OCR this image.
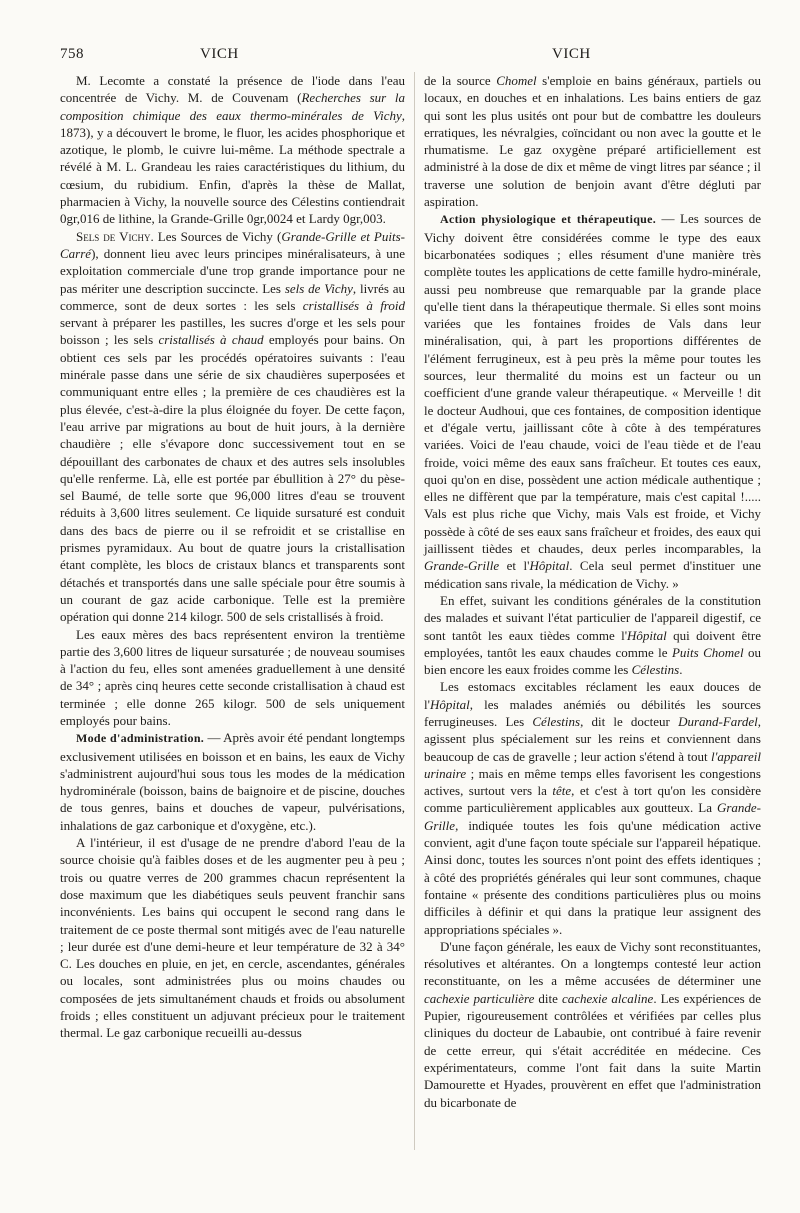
758	VICH	VICH

M. Lecomte a constaté la présence de l'iode dans l'eau concentrée de Vichy. M. de Couvenam (Recherches sur la composition chimique des eaux thermo-minérales de Vichy, 1873), y a découvert le brome, le fluor, les acides phosphorique et azotique, le plomb, le cuivre lui-même. La méthode spectrale a révélé à M. L. Grandeau les raies caractéristiques du lithium, du cœsium, du rubidium. Enfin, d'après la thèse de Mallat, pharmacien à Vichy, la nouvelle source des Célestins contiendrait 0gr,016 de lithine, la Grande-Grille 0gr,0024 et Lardy 0gr,003.

Sels de Vichy. Les Sources de Vichy (Grande-Grille et Puits-Carré), donnent lieu avec leurs principes minéralisateurs, à une exploitation commerciale d'une trop grande importance pour ne pas mériter une description succincte. Les sels de Vichy, livrés au commerce, sont de deux sortes : les sels cristallisés à froid servant à préparer les pastilles, les sucres d'orge et les sels pour boisson ; les sels cristallisés à chaud employés pour bains. On obtient ces sels par les procédés opératoires suivants : l'eau minérale passe dans une série de six chaudières superposées et communiquant entre elles ; la première de ces chaudières est la plus élevée, c'est-à-dire la plus éloignée du foyer. De cette façon, l'eau arrive par migrations au bout de huit jours, à la dernière chaudière ; elle s'évapore donc successivement tout en se dépouillant des carbonates de chaux et des autres sels insolubles qu'elle renferme. Là, elle est portée par ébullition à 27° du pèse-sel Baumé, de telle sorte que 96,000 litres d'eau se trouvent réduits à 3,600 litres seulement. Ce liquide sursaturé est conduit dans des bacs de pierre ou il se refroidit et se cristallise en prismes pyramidaux. Au bout de quatre jours la cristallisation étant complète, les blocs de cristaux blancs et transparents sont détachés et transportés dans une salle spéciale pour être soumis à un courant de gaz acide carbonique. Telle est la première opération qui donne 214 kilogr. 500 de sels cristallisés à froid.

Les eaux mères des bacs représentent environ la trentième partie des 3,600 litres de liqueur sursaturée ; de nouveau soumises à l'action du feu, elles sont amenées graduellement à une densité de 34° ; après cinq heures cette seconde cristallisation à chaud est terminée ; elle donne 265 kilogr. 500 de sels uniquement employés pour bains.

Mode d'administration. — Après avoir été pendant longtemps exclusivement utilisées en boisson et en bains, les eaux de Vichy s'administrent aujourd'hui sous tous les modes de la médication hydrominérale (boisson, bains de baignoire et de piscine, douches de tous genres, bains et douches de vapeur, pulvérisations, inhalations de gaz carbonique et d'oxygène, etc.).

A l'intérieur, il est d'usage de ne prendre d'abord l'eau de la source choisie qu'à faibles doses et de les augmenter peu à peu ; trois ou quatre verres de 200 grammes chacun représentent la dose maximum que les diabétiques seuls peuvent franchir sans inconvénients. Les bains qui occupent le second rang dans le traitement de ce poste thermal sont mitigés avec de l'eau naturelle ; leur durée est d'une demi-heure et leur température de 32 à 34° C. Les douches en pluie, en jet, en cercle, ascendantes, générales ou locales, sont administrées plus ou moins chaudes ou composées de jets simultanément chauds et froids ou absolument froids ; elles constituent un adjuvant précieux pour le traitement thermal. Le gaz carbonique recueilli au-dessus

de la source Chomel s'emploie en bains généraux, partiels ou locaux, en douches et en inhalations. Les bains entiers de gaz qui sont les plus usités ont pour but de combattre les douleurs erratiques, les névralgies, coïncidant ou non avec la goutte et le rhumatisme. Le gaz oxygène préparé artificiellement est administré à la dose de dix et même de vingt litres par séance ; il traverse une solution de benjoin avant d'être dégluti par aspiration.

Action physiologique et thérapeutique. — Les sources de Vichy doivent être considérées comme le type des eaux bicarbonatées sodiques ; elles résument d'une manière très complète toutes les applications de cette famille hydro-minérale, aussi peu nombreuse que remarquable par la grande place qu'elle tient dans la thérapeutique thermale. Si elles sont moins variées que les fontaines froides de Vals dans leur minéralisation, qui, à part les proportions différentes de l'élément ferrugineux, est à peu près la même pour toutes les sources, leur thermalité du moins est un facteur ou un coefficient d'une grande valeur thérapeutique. « Merveille ! dit le docteur Audhoui, que ces fontaines, de composition identique et d'égale vertu, jaillissant côte à côte à des températures variées. Voici de l'eau chaude, voici de l'eau tiède et de l'eau froide, voici même des eaux sans fraîcheur. Et toutes ces eaux, quoi qu'on en dise, possèdent une action médicale authentique ; elles ne diffèrent que par la température, mais c'est capital !..... Vals est plus riche que Vichy, mais Vals est froide, et Vichy possède à côté de ses eaux sans fraîcheur et froides, des eaux qui jaillissent tièdes et chaudes, deux perles incomparables, la Grande-Grille et l'Hôpital. Cela seul permet d'instituer une médication sans rivale, la médication de Vichy. »

En effet, suivant les conditions générales de la constitution des malades et suivant l'état particulier de l'appareil digestif, ce sont tantôt les eaux tièdes comme l'Hôpital qui doivent être employées, tantôt les eaux chaudes comme le Puits Chomel ou bien encore les eaux froides comme les Célestins.

Les estomacs excitables réclament les eaux douces de l'Hôpital, les malades anémiés ou débilités les sources ferrugineuses. Les Célestins, dit le docteur Durand-Fardel, agissent plus spécialement sur les reins et conviennent dans beaucoup de cas de gravelle ; leur action s'étend à tout l'appareil urinaire ; mais en même temps elles favorisent les congestions actives, surtout vers la tête, et c'est à tort qu'on les considère comme particulièrement applicables aux goutteux. La Grande-Grille, indiquée toutes les fois qu'une médication active convient, agit d'une façon toute spéciale sur l'appareil hépatique. Ainsi donc, toutes les sources n'ont point des effets identiques ; à côté des propriétés générales qui leur sont communes, chaque fontaine « présente des conditions particulières plus ou moins difficiles à définir et qui dans la pratique leur assignent des appropriations spéciales ».

D'une façon générale, les eaux de Vichy sont reconstituantes, résolutives et altérantes. On a longtemps contesté leur action reconstituante, on les a même accusées de déterminer une cachexie particulière dite cachexie alcaline. Les expériences de Pupier, rigoureusement contrôlées et vérifiées par celles plus cliniques du docteur de Labaubie, ont contribué à faire revenir de cette erreur, qui s'était accréditée en médecine. Ces expérimentateurs, comme l'ont fait dans la suite Martin Damourette et Hyades, prouvèrent en effet que l'administration du bicarbonate de
